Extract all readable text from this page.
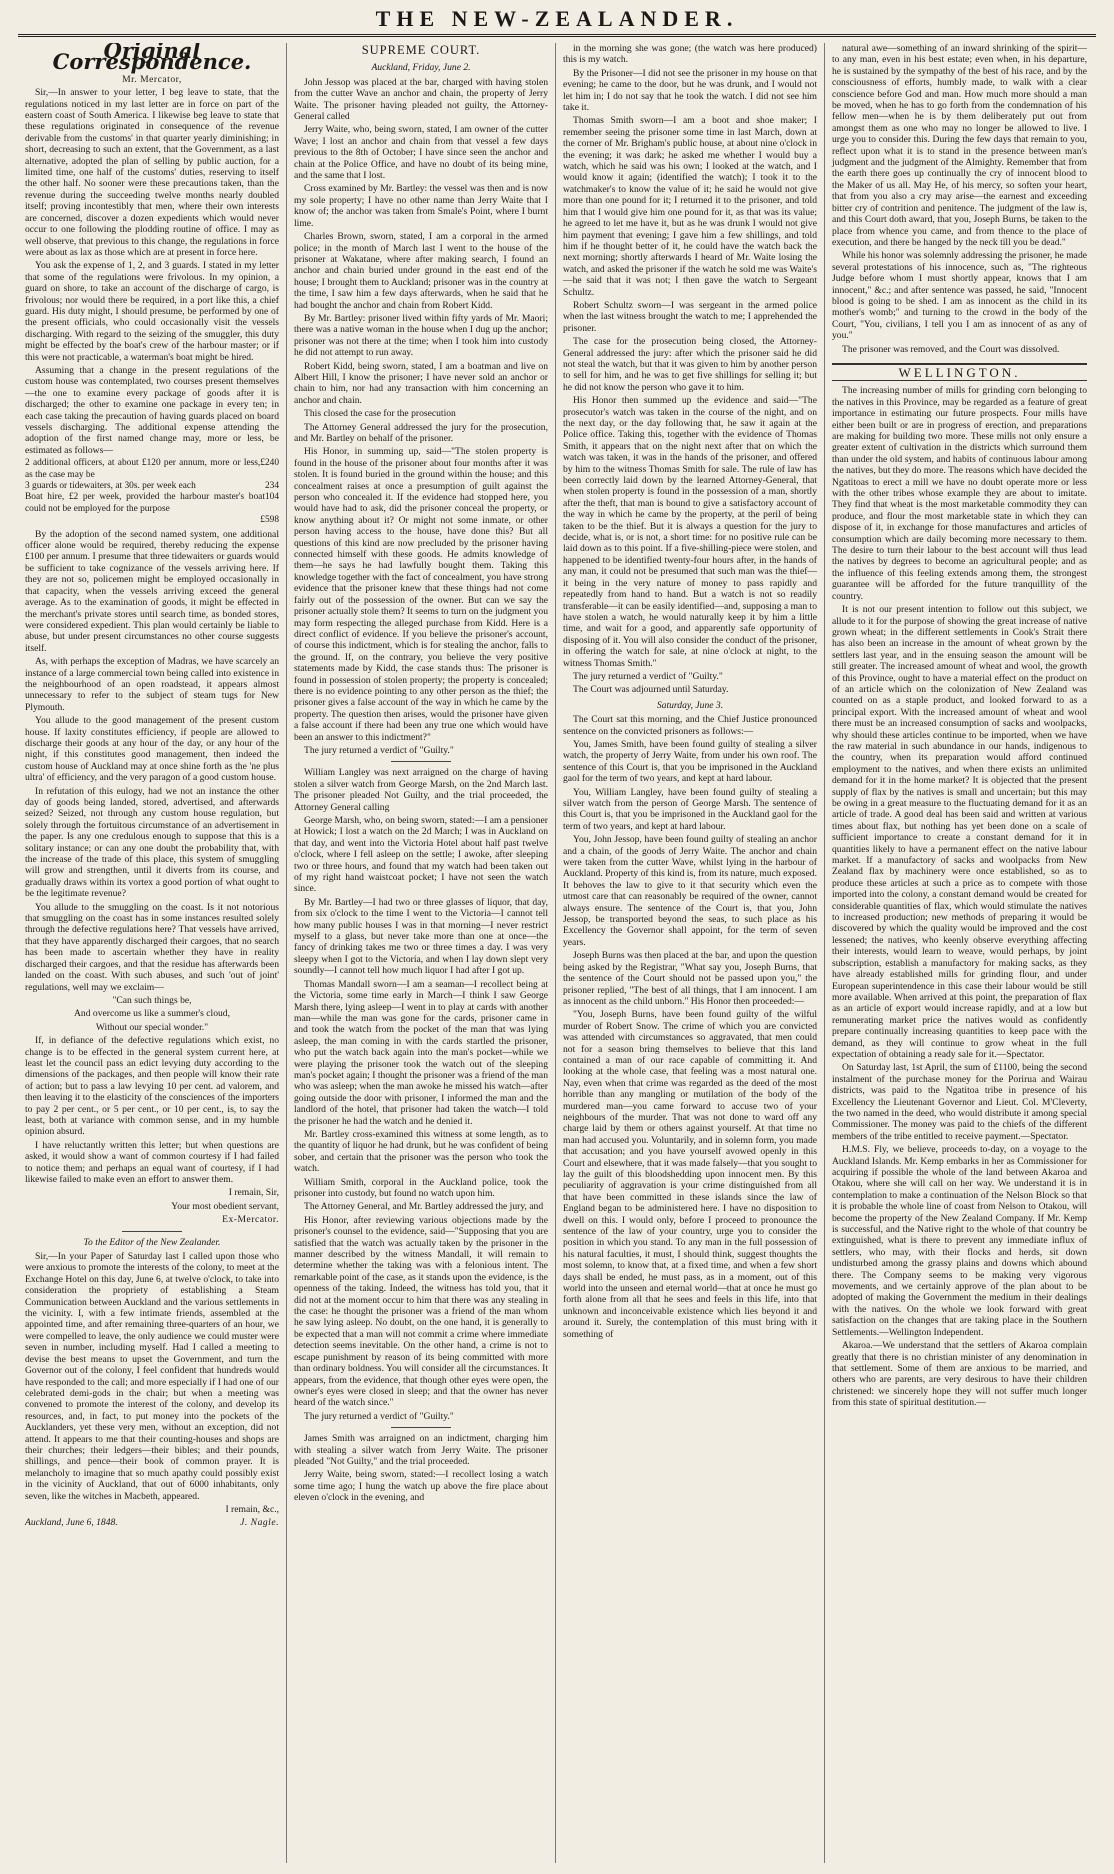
THE NEW-ZEALANDER.
Original Correspondence.

Mr. Mercator,

Sir,—In answer to your letter, I beg leave to state, that the regulations noticed in my last letter are in force on part of the eastern coast of South America. I likewise beg leave to state that these regulations originated in consequence of the revenue derivable from the customs' in that quarter yearly diminishing; in short, decreasing to such an extent, that the Government, as a last alternative, adopted the plan of selling by public auction, for a limited time, one half of the customs' duties, reserving to itself the other half. No sooner were these precautions taken, than the revenue during the succeeding twelve months nearly doubled itself; proving incontestibly that men, where their own interests are concerned, discover a dozen expedients which would never occur to one following the plodding routine of office. I may as well observe, that previous to this change, the regulations in force were about as lax as those which are at present in force here.

You ask the expense of 1, 2, and 3 guards. I stated in my letter that some of the regulations were frivolous. In my opinion, a guard on shore, to take an account of the discharge of cargo, is frivolous; nor would there be required, in a port like this, a chief guard. His duty might, I should presume, be performed by one of the present officials, who could occasionally visit the vessels discharging. With regard to the seizing of the smuggler, this duty might be effected by the boat's crew of the harbour master; or if this were not practicable, a waterman's boat might be hired.

Assuming that a change in the present regulations of the custom house was contemplated, two courses present themselves—the one to examine every package of goods after it is discharged; the other to examine one package in every ten; in each case taking the precaution of having guards placed on board vessels discharging. The additional expense attending the adoption of the first named change may, more or less, be estimated as follows—

2 additional officers, at about £120 per annum, more or less, as the case may be
£240
3 guards or tidewaiters, at 30s. per week each	234
Boat hire, £2 per week, provided the harbour master's boat could not be employed for the purpose
104
£598

By the adoption of the second named system, one additional officer alone would be required, thereby reducing the expense £100 per annum. I presume that three tidewaiters or guards would be sufficient to take cognizance of the vessels arriving here. If they are not so, policemen might be employed occasionally in that capacity, when the vessels arriving exceed the general average. As to the examination of goods, it might be effected in the merchant's private stores until search time, as bonded stores, were considered expedient. This plan would certainly be liable to abuse, but under present circumstances no other course suggests itself.

As, with perhaps the exception of Madras, we have scarcely an instance of a large commercial town being called into existence in the neighbourhood of an open roadstead, it appears almost unnecessary to refer to the subject of steam tugs for New Plymouth.

You allude to the good management of the present custom house. If laxity constitutes efficiency, if people are allowed to discharge their goods at any hour of the day, or any hour of the night, if this constitutes good management, then indeed the custom house of Auckland may at once shine forth as the 'ne plus ultra' of efficiency, and the very paragon of a good custom house.

In refutation of this eulogy, had we not an instance the other day of goods being landed, stored, advertised, and afterwards seized? Seized, not through any custom house regulation, but solely through the fortuitous circumstance of an advertisement in the paper. Is any one credulous enough to suppose that this is a solitary instance; or can any one doubt the probability that, with the increase of the trade of this place, this system of smuggling will grow and strengthen, until it diverts from its course, and gradually draws within its vortex a good portion of what ought to be the legitimate revenue?

You allude to the smuggling on the coast. Is it not notorious that smuggling on the coast has in some instances resulted solely through the defective regulations here? That vessels have arrived, that they have apparently discharged their cargoes, that no search has been made to ascertain whether they have in reality discharged their cargoes, and that the residue has afterwards been landed on the coast. With such abuses, and such 'out of joint' regulations, well may we exclaim—

"Can such things be,

And overcome us like a summer's cloud,

Without our special wonder."

If, in defiance of the defective regulations which exist, no change is to be effected in the general system current here, at least let the council pass an edict levying duty according to the dimensions of the packages, and then people will know their rate of action; but to pass a law levying 10 per cent. ad valorem, and then leaving it to the elasticity of the consciences of the importers to pay 2 per cent., or 5 per cent., or 10 per cent., is, to say the least, both at variance with common sense, and in my humble opinion absurd.

I have reluctantly written this letter; but when questions are asked, it would show a want of common courtesy if I had failed to notice them; and perhaps an equal want of courtesy, if I had likewise failed to make even an effort to answer them.

I remain, Sir,

Your most obedient servant,

Ex-Mercator.

To the Editor of the New Zealander.

Sir,—In your Paper of Saturday last I called upon those who were anxious to promote the interests of the colony, to meet at the Exchange Hotel on this day, June 6, at twelve o'clock, to take into consideration the propriety of establishing a Steam Communication between Auckland and the various settlements in the vicinity. I, with a few intimate friends, assembled at the appointed time, and after remaining three-quarters of an hour, we were compelled to leave, the only audience we could muster were seven in number, including myself. Had I called a meeting to devise the best means to upset the Government, and turn the Governor out of the colony, I feel confident that hundreds would have responded to the call; and more especially if I had one of our celebrated demi-gods in the chair; but when a meeting was convened to promote the interest of the colony, and develop its resources, and, in fact, to put money into the pockets of the Aucklanders, yet these very men, without an exception, did not attend. It appears to me that their counting-houses and shops are their churches; their ledgers—their bibles; and their pounds, shillings, and pence—their book of common prayer. It is melancholy to imagine that so much apathy could possibly exist in the vicinity of Auckland, that out of 6000 inhabitants, only seven, like the witches in Macbeth, appeared.

I remain, &c.,

Auckland, June 6, 1848.	J. Nagle.
SUPREME COURT.
Auckland, Friday, June 2.

John Jessop was placed at the bar, charged with having stolen from the cutter Wave an anchor and chain, the property of Jerry Waite. The prisoner having pleaded not guilty, the Attorney-General called

Jerry Waite, who, being sworn, stated, I am owner of the cutter Wave; I lost an anchor and chain from that vessel a few days previous to the 8th of October; I have since seen the anchor and chain at the Police Office, and have no doubt of its being mine, and the same that I lost.

Cross examined by Mr. Bartley: the vessel was then and is now my sole property; I have no other name than Jerry Waite that I know of; the anchor was taken from Smale's Point, where I burnt lime.

Charles Brown, sworn, stated, I am a corporal in the armed police; in the month of March last I went to the house of the prisoner at Wakatane, where after making search, I found an anchor and chain buried under ground in the east end of the house; I brought them to Auckland; prisoner was in the country at the time, I saw him a few days afterwards, when he said that he had bought the anchor and chain from Robert Kidd.

By Mr. Bartley: prisoner lived within fifty yards of Mr. Maori; there was a native woman in the house when I dug up the anchor; prisoner was not there at the time; when I took him into custody he did not attempt to run away.

Robert Kidd, being sworn, stated, I am a boatman and live on Albert Hill, I know the prisoner; I have never sold an anchor or chain to him, nor had any transaction with him concerning an anchor and chain.

This closed the case for the prosecution

The Attorney General addressed the jury for the prosecution, and Mr. Bartley on behalf of the prisoner.

His Honor, in summing up, said—"The stolen property is found in the house of the prisoner about four months after it was stolen. It is found buried in the ground within the house; and this concealment raises at once a presumption of guilt against the person who concealed it. If the evidence had stopped here, you would have had to ask, did the prisoner conceal the property, or know anything about it? Or might not some inmate, or other person having access to the house, have done this? But all questions of this kind are now precluded by the prisoner having connected himself with these goods. He admits knowledge of them—he says he had lawfully bought them. Taking this knowledge together with the fact of concealment, you have strong evidence that the prisoner knew that these things had not come fairly out of the possession of the owner. But can we say the prisoner actually stole them? It seems to turn on the judgment you may form respecting the alleged purchase from Kidd. Here is a direct conflict of evidence. If you believe the prisoner's account, of course this indictment, which is for stealing the anchor, falls to the ground. If, on the contrary, you believe the very positive statements made by Kidd, the case stands thus: The prisoner is found in possession of stolen property; the property is concealed; there is no evidence pointing to any other person as the thief; the prisoner gives a false account of the way in which he came by the property. The question then arises, would the prisoner have given a false account if there had been any true one which would have been an answer to this indictment?"

The jury returned a verdict of "Guilty."

William Langley was next arraigned on the charge of having stolen a silver watch from George Marsh, on the 2nd March last. The prisoner pleaded Not Guilty, and the trial proceeded, the Attorney General calling

George Marsh, who, on being sworn, stated:—I am a pensioner at Howick; I lost a watch on the 2d March; I was in Auckland on that day, and went into the Victoria Hotel about half past twelve o'clock, where I fell asleep on the settle; I awoke, after sleeping two or three hours, and found that my watch had been taken out of my right hand waistcoat pocket; I have not seen the watch since.

By Mr. Bartley—I had two or three glasses of liquor, that day, from six o'clock to the time I went to the Victoria—I cannot tell how many public houses I was in that morning—I never restrict myself to a glass, but never take more than one at once—the fancy of drinking takes me two or three times a day. I was very sleepy when I got to the Victoria, and when I lay down slept very soundly—I cannot tell how much liquor I had after I got up.

Thomas Mandall sworn—I am a seaman—I recollect being at the Victoria, some time early in March—I think I saw George Marsh there, lying asleep—I went in to play at cards with another man—while the man was gone for the cards, prisoner came in and took the watch from the pocket of the man that was lying asleep, the man coming in with the cards startled the prisoner, who put the watch back again into the man's pocket—while we were playing the prisoner took the watch out of the sleeping man's pocket again; I thought the prisoner was a friend of the man who was asleep; when the man awoke he missed his watch—after going outside the door with prisoner, I informed the man and the landlord of the hotel, that prisoner had taken the watch—I told the prisoner he had the watch and he denied it.

Mr. Bartley cross-examined this witness at some length, as to the quantity of liquor he had drunk, but he was confident of being sober, and certain that the prisoner was the person who took the watch.

William Smith, corporal in the Auckland police, took the prisoner into custody, but found no watch upon him.

The Attorney General, and Mr. Bartley addressed the jury, and

His Honor, after reviewing various objections made by the prisoner's counsel to the evidence, said—"Supposing that you are satisfied that the watch was actually taken by the prisoner in the manner described by the witness Mandall, it will remain to determine whether the taking was with a felonious intent. The remarkable point of the case, as it stands upon the evidence, is the openness of the taking. Indeed, the witness has told you, that it did not at the moment occur to him that there was any stealing in the case: he thought the prisoner was a friend of the man whom he saw lying asleep. No doubt, on the one hand, it is generally to be expected that a man will not commit a crime where immediate detection seems inevitable. On the other hand, a crime is not to escape punishment by reason of its being committed with more than ordinary boldness. You will consider all the circumstances. It appears, from the evidence, that though other eyes were open, the owner's eyes were closed in sleep; and that the owner has never heard of the watch since."

The jury returned a verdict of "Guilty."

James Smith was arraigned on an indictment, charging him with stealing a silver watch from Jerry Waite. The prisoner pleaded "Not Guilty," and the trial proceeded.

Jerry Waite, being sworn, stated:—I recollect losing a watch some time ago; I hung the watch up above the fire place about eleven o'clock in the evening, and

in the morning she was gone; (the watch was here produced) this is my watch.

By the Prisoner—I did not see the prisoner in my house on that evening; he came to the door, but he was drunk, and I would not let him in; I do not say that he took the watch. I did not see him take it.

Thomas Smith sworn—I am a boot and shoe maker; I remember seeing the prisoner some time in last March, down at the corner of Mr. Brigham's public house, at about nine o'clock in the evening; it was dark; he asked me whether I would buy a watch, which he said was his own; I looked at the watch, and I would know it again; (identified the watch); I took it to the watchmaker's to know the value of it; he said he would not give more than one pound for it; I returned it to the prisoner, and told him that I would give him one pound for it, as that was its value; he agreed to let me have it, but as he was drunk I would not give him payment that evening; I gave him a few shillings, and told him if he thought better of it, he could have the watch back the next morning; shortly afterwards I heard of Mr. Waite losing the watch, and asked the prisoner if the watch he sold me was Waite's—he said that it was not; I then gave the watch to Sergeant Schultz.

Robert Schultz sworn—I was sergeant in the armed police when the last witness brought the watch to me; I apprehended the prisoner.

The case for the prosecution being closed, the Attorney-General addressed the jury: after which the prisoner said he did not steal the watch, but that it was given to him by another person to sell for him, and he was to get five shillings for selling it; but he did not know the person who gave it to him.

His Honor then summed up the evidence and said—"The prosecutor's watch was taken in the course of the night, and on the next day, or the day following that, he saw it again at the Police office. Taking this, together with the evidence of Thomas Smith, it appears that on the night next after that on which the watch was taken, it was in the hands of the prisoner, and offered by him to the witness Thomas Smith for sale. The rule of law has been correctly laid down by the learned Attorney-General, that when stolen property is found in the possession of a man, shortly after the theft, that man is bound to give a satisfactory account of the way in which he came by the property, at the peril of being taken to be the thief. But it is always a question for the jury to decide, what is, or is not, a short time: for no positive rule can be laid down as to this point. If a five-shilling-piece were stolen, and happened to be identified twenty-four hours after, in the hands of any man, it could not be presumed that such man was the thief—it being in the very nature of money to pass rapidly and repeatedly from hand to hand. But a watch is not so readily transferable—it can be easily identified—and, supposing a man to have stolen a watch, he would naturally keep it by him a little time, and wait for a good, and apparently safe opportunity of disposing of it. You will also consider the conduct of the prisoner, in offering the watch for sale, at nine o'clock at night, to the witness Thomas Smith."

The jury returned a verdict of "Guilty."

The Court was adjourned until Saturday.

Saturday, June 3.

The Court sat this morning, and the Chief Justice pronounced sentence on the convicted prisoners as follows:—

You, James Smith, have been found guilty of stealing a silver watch, the property of Jerry Waite, from under his own roof. The sentence of this Court is, that you be imprisoned in the Auckland gaol for the term of two years, and kept at hard labour.

You, William Langley, have been found guilty of stealing a silver watch from the person of George Marsh. The sentence of this Court is, that you be imprisoned in the Auckland gaol for the term of two years, and kept at hard labour.

You, John Jessop, have been found guilty of stealing an anchor and a chain, of the goods of Jerry Waite. The anchor and chain were taken from the cutter Wave, whilst lying in the harbour of Auckland. Property of this kind is, from its nature, much exposed. It behoves the law to give to it that security which even the utmost care that can reasonably be required of the owner, cannot always ensure. The sentence of the Court is, that you, John Jessop, be transported beyond the seas, to such place as his Excellency the Governor shall appoint, for the term of seven years.

Joseph Burns was then placed at the bar, and upon the question being asked by the Registrar, "What say you, Joseph Burns, that the sentence of the Court should not be passed upon you," the prisoner replied, "The best of all things, that I am innocent. I am as innocent as the child unborn." His Honor then proceeded:—

"You, Joseph Burns, have been found guilty of the wilful murder of Robert Snow. The crime of which you are convicted was attended with circumstances so aggravated, that men could not for a season bring themselves to believe that this land contained a man of our race capable of committing it. And looking at the whole case, that feeling was a most natural one. Nay, even when that crime was regarded as the deed of the most horrible than any mangling or mutilation of the body of the murdered man—you came forward to accuse two of your neighbours of the murder. That was not done to ward off any charge laid by them or others against yourself. At that time no man had accused you. Voluntarily, and in solemn form, you made that accusation; and you have yourself avowed openly in this Court and elsewhere, that it was made falsely—that you sought to lay the guilt of this bloodshedding upon innocent men. By this peculiarity of aggravation is your crime distinguished from all that have been committed in these islands since the law of England began to be administered here. I have no disposition to dwell on this. I would only, before I proceed to pronounce the sentence of the law of your country, urge you to consider the position in which you stand. To any man in the full possession of his natural faculties, it must, I should think, suggest thoughts the most solemn, to know that, at a fixed time, and when a few short days shall be ended, he must pass, as in a moment, out of this world into the unseen and eternal world—that at once he must go forth alone from all that he sees and feels in this life, into that unknown and inconceivable existence which lies beyond it and around it. Surely, the contemplation of this must bring with it something of

natural awe—something of an inward shrinking of the spirit—to any man, even in his best estate; even when, in his departure, he is sustained by the sympathy of the best of his race, and by the consciousness of efforts, humbly made, to walk with a clear conscience before God and man. How much more should a man be moved, when he has to go forth from the condemnation of his fellow men—when he is by them deliberately put out from amongst them as one who may no longer be allowed to live. I urge you to consider this. During the few days that remain to you, reflect upon what it is to stand in the presence between man's judgment and the judgment of the Almighty. Remember that from the earth there goes up continually the cry of innocent blood to the Maker of us all. May He, of his mercy, so soften your heart, that from you also a cry may arise—the earnest and exceeding bitter cry of contrition and penitence. The judgment of the law is, and this Court doth award, that you, Joseph Burns, be taken to the place from whence you came, and from thence to the place of execution, and there be hanged by the neck till you be dead."

While his honor was solemnly addressing the prisoner, he made several protestations of his innocence, such as, "The righteous Judge before whom I must shortly appear, knows that I am innocent," &c.; and after sentence was passed, he said, "Innocent blood is going to be shed. I am as innocent as the child in its mother's womb;" and turning to the crowd in the body of the Court, "You, civilians, I tell you I am as innocent of as any of you."

The prisoner was removed, and the Court was dissolved.

WELLINGTON.

The increasing number of mills for grinding corn belonging to the natives in this Province, may be regarded as a feature of great importance in estimating our future prospects. Four mills have either been built or are in progress of erection, and preparations are making for building two more. These mills not only ensure a greater extent of cultivation in the districts which surround them than under the old system, and habits of continuous labour among the natives, but they do more. The reasons which have decided the Ngatitoas to erect a mill we have no doubt operate more or less with the other tribes whose example they are about to imitate. They find that wheat is the most marketable commodity they can produce, and flour the most marketable state in which they can dispose of it, in exchange for those manufactures and articles of consumption which are daily becoming more necessary to them. The desire to turn their labour to the best account will thus lead the natives by degrees to become an agricultural people; and as the influence of this feeling extends among them, the strongest guarantee will be afforded for the future tranquillity of the country.

It is not our present intention to follow out this subject, we allude to it for the purpose of showing the great increase of native grown wheat; in the different settlements in Cook's Strait there has also been an increase in the amount of wheat grown by the settlers last year, and in the ensuing season the amount will be still greater. The increased amount of wheat and wool, the growth of this Province, ought to have a material effect on the product on of an article which on the colonization of New Zealand was counted on as a staple product, and looked forward to as a principal export. With the increased amount of wheat and wool there must be an increased consumption of sacks and woolpacks, why should these articles continue to be imported, when we have the raw material in such abundance in our hands, indigenous to the country, when its preparation would afford continued employment to the natives, and when there exists an unlimited demand for it in the home market? It is objected that the present supply of flax by the natives is small and uncertain; but this may be owing in a great measure to the fluctuating demand for it as an article of trade. A good deal has been said and written at various times about flax, but nothing has yet been done on a scale of sufficient importance to create a constant demand for it in quantities likely to have a permanent effect on the native labour market. If a manufactory of sacks and woolpacks from New Zealand flax by machinery were once established, so as to produce these articles at such a price as to compete with those imported into the colony, a constant demand would be created for considerable quantities of flax, which would stimulate the natives to increased production; new methods of preparing it would be discovered by which the quality would be improved and the cost lessened; the natives, who keenly observe everything affecting their interests, would learn to weave, would perhaps, by joint subscription, establish a manufactory for making sacks, as they have already established mills for grinding flour, and under European superintendence in this case their labour would be still more available. When arrived at this point, the preparation of flax as an article of export would increase rapidly, and at a low but remunerating market price the natives would as confidently prepare continually increasing quantities to keep pace with the demand, as they will continue to grow wheat in the full expectation of obtaining a ready sale for it.—Spectator.

On Saturday last, 1st April, the sum of £1100, being the second instalment of the purchase money for the Porirua and Wairau districts, was paid to the Ngatitoa tribe in presence of his Excellency the Lieutenant Governor and Lieut. Col. M'Cleverty, the two named in the deed, who would distribute it among special Commissioner. The money was paid to the chiefs of the different members of the tribe entitled to receive payment.—Spectator.

H.M.S. Fly, we believe, proceeds to-day, on a voyage to the Auckland Islands. Mr. Kemp embarks in her as Commissioner for acquiring if possible the whole of the land between Akaroa and Otakou, where she will call on her way. We understand it is in contemplation to make a continuation of the Nelson Block so that it is probable the whole line of coast from Nelson to Otakou, will become the property of the New Zealand Company. If Mr. Kemp is successful, and the Native right to the whole of that country be extinguished, what is there to prevent any immediate influx of settlers, who may, with their flocks and herds, sit down undisturbed among the grassy plains and downs which abound there. The Company seems to be making very vigorous movements, and we certainly approve of the plan about to be adopted of making the Government the medium in their dealings with the natives. On the whole we look forward with great satisfaction on the changes that are taking place in the Southern Settlements.—Wellington Independent.

Akaroa.—We understand that the settlers of Akaroa complain greatly that there is no christian minister of any denomination in that settlement. Some of them are anxious to be married, and others who are parents, are very desirous to have their children christened: we sincerely hope they will not suffer much longer from this state of spiritual destitution.—
